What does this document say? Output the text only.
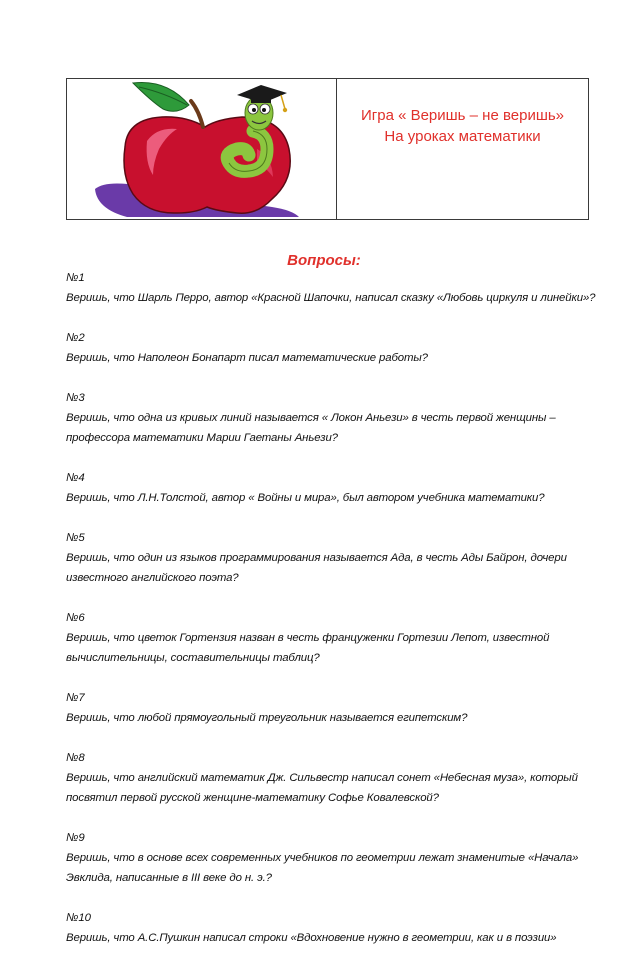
Игра « Веришь – не веришь»
На уроках математики
Вопросы:
№1
Веришь, что Шарль Перро, автор «Красной Шапочки, написал сказку «Любовь циркуля и линейки»?
№2
Веришь, что Наполеон Бонапарт писал математические работы?
№3
Веришь, что одна из кривых линий называется « Локон Аньези» в честь первой женщины – профессора математики Марии Гаетаны Аньези?
№4
Веришь, что Л.Н.Толстой, автор « Войны и мира», был автором учебника математики?
№5
Веришь, что один из языков программирования называется Ада, в честь Ады Байрон, дочери известного английского поэта?
№6
Веришь, что цветок Гортензия назван в честь француженки Гортезии Лепот, известной вычислительницы, составительницы таблиц?
№7
Веришь, что любой прямоугольный треугольник называется египетским?
№8
Веришь, что английский математик Дж. Сильвестр написал сонет «Небесная муза», который посвятил первой русской женщине-математику Софье Ковалевской?
№9
Веришь, что в основе всех современных учебников по геометрии лежат знаменитые «Начала» Эвклида, написанные в III веке до н. э.?
№10
Веришь, что А.С.Пушкин написал строки «Вдохновение нужно в геометрии, как и в поэзии»
